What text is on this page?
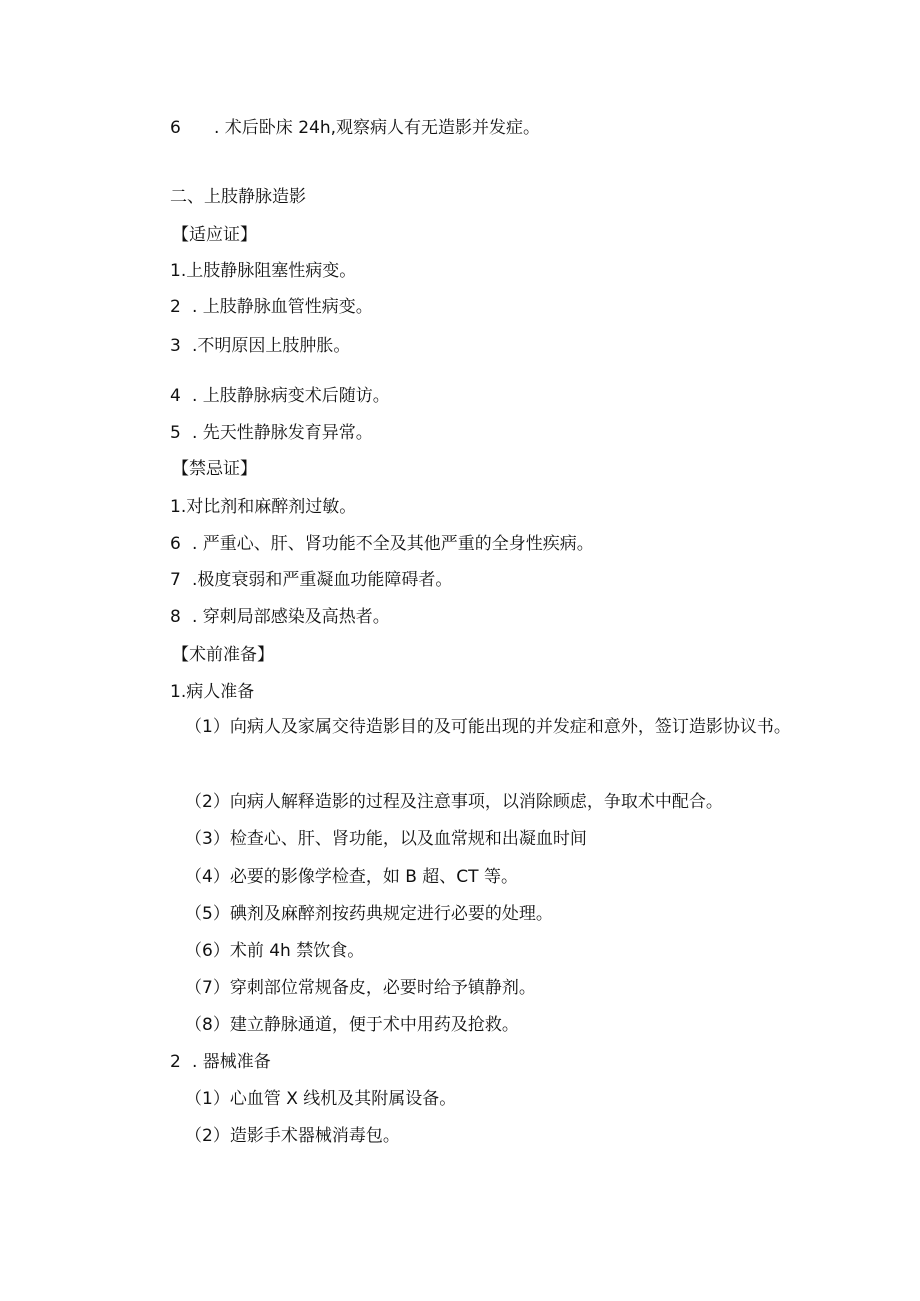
6 . 术后卧床 24h,观察病人有无造影并发症。
二、上肢静脉造影
【适应证】
1.上肢静脉阻塞性病变。
2 . 上肢静脉血管性病变。
3 .不明原因上肢肿胀。
4 . 上肢静脉病变术后随访。
5 . 先天性静脉发育异常。
【禁忌证】
1.对比剂和麻醉剂过敏。
6 . 严重心、肝、肾功能不全及其他严重的全身性疾病。
7 .极度衰弱和严重凝血功能障碍者。
8 . 穿刺局部感染及高热者。
【术前准备】
1.病人准备
（1）向病人及家属交待造影目的及可能出现的并发症和意外，签订造影协议书。
（2）向病人解释造影的过程及注意事项，以消除顾虑，争取术中配合。
（3）检查心、肝、肾功能，以及血常规和出凝血时间
（4）必要的影像学检查，如 B 超、CT 等。
（5）碘剂及麻醉剂按药典规定进行必要的处理。
（6）术前 4h 禁饮食。
（7）穿刺部位常规备皮，必要时给予镇静剂。
（8）建立静脉通道，便于术中用药及抢救。
2 . 器械准备
（1）心血管 X 线机及其附属设备。
（2）造影手术器械消毒包。
